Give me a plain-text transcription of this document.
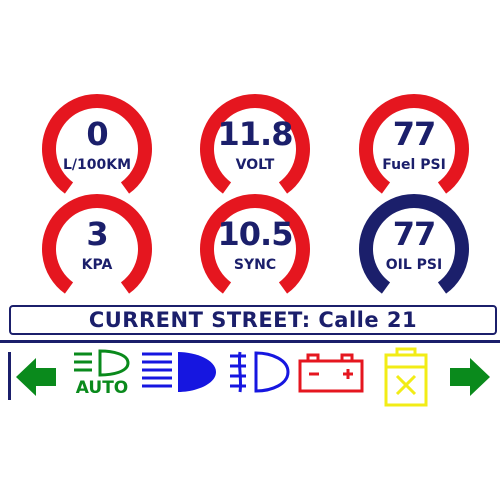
0
L/100KM
11.8
VOLT
77
Fuel PSI
3
KPA
10.5
SYNC
77
OIL PSI
CURRENT STREET: Calle 21
AUTO
